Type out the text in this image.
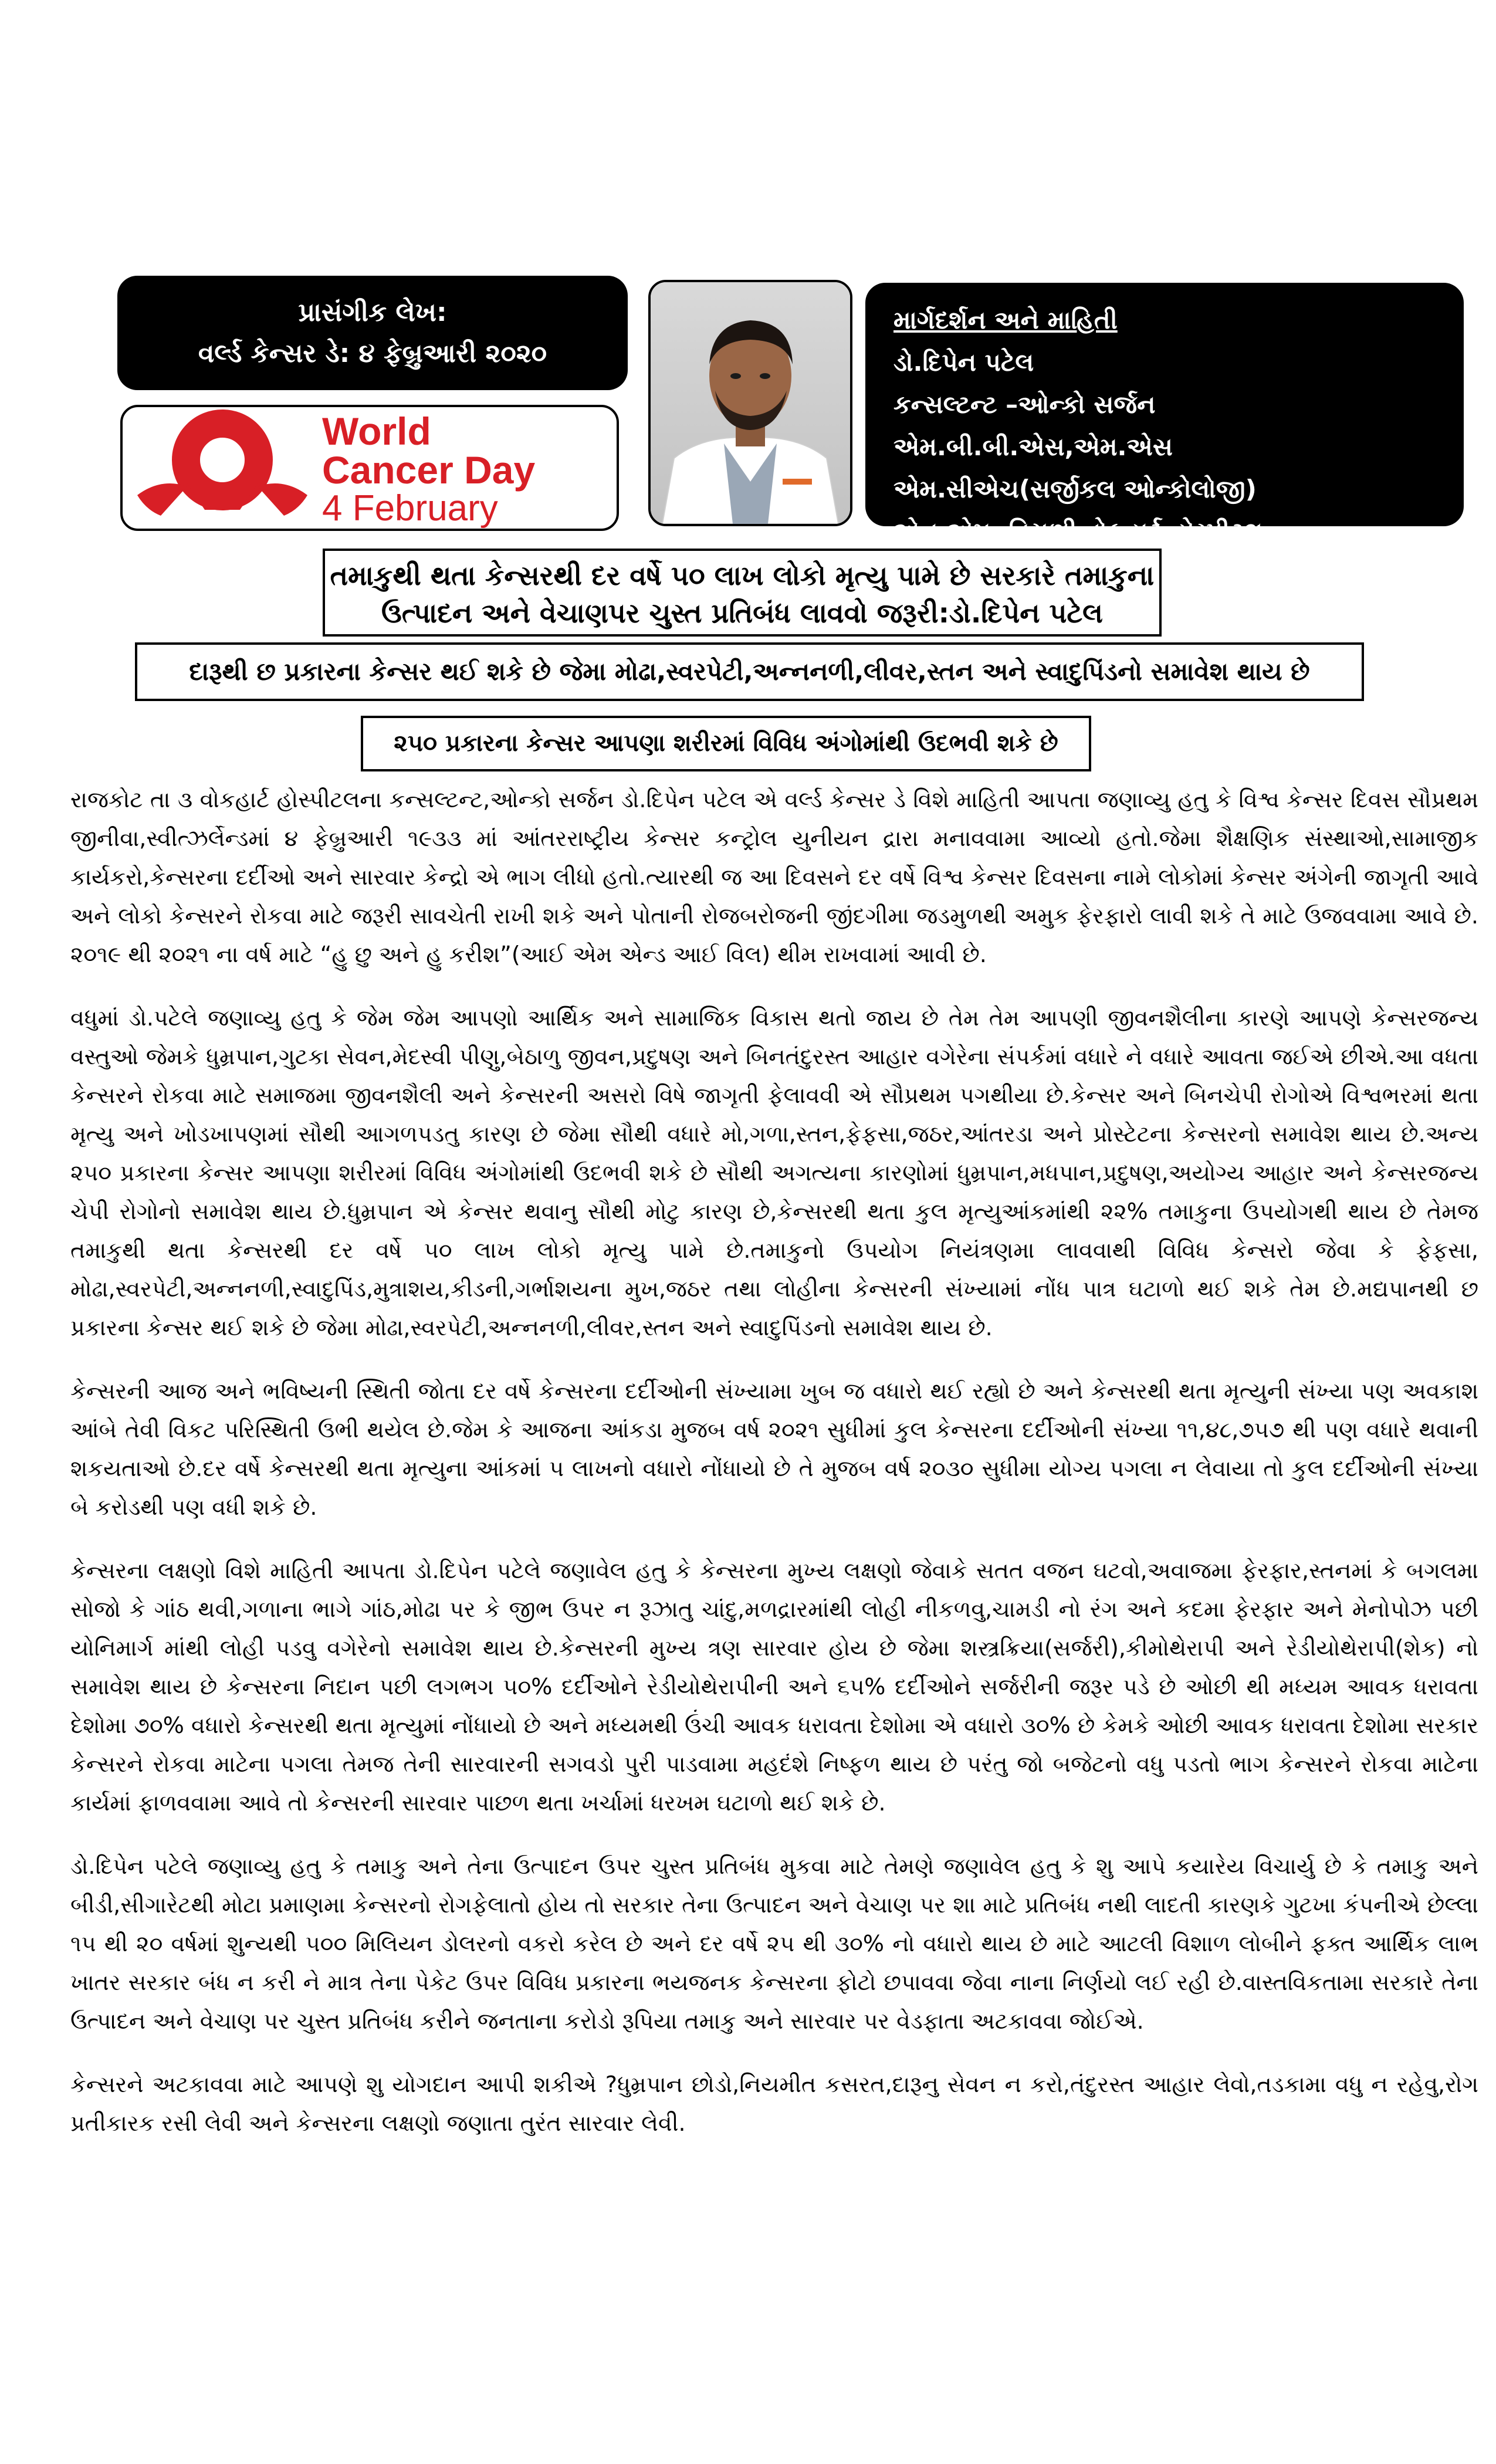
પ્રાસંગીક લેખ:
વર્લ્ડ કેન્સર ડે: ૪ ફેબ્રુઆરી ૨૦૨૦
World
Cancer Day
4 February
માર્ગદર્શન અને માહિતી
ડો.દિપેન પટેલ
કન્સલ્ટન્ટ –ઓન્કો સર્જન એમ.બી.બી.એસ,એમ.એસ
એમ.સીએચ(સર્જીકલ ઓન્કોલોજી)
એન.એમ. વિરાણી વોકહાર્ટ હોસ્પીટલ
તમાકુથી થતા કેન્સરથી દર વર્ષે ૫૦ લાખ લોકો મૃત્યુ પામે છે સરકારે તમાકુના
ઉત્પાદન અને વેચાણપર ચુસ્ત પ્રતિબંધ લાવવો જરૂરી:ડો.દિપેન પટેલ
દારૂથી છ પ્રકારના કેન્સર થઈ શકે છે જેમા મોઢા,સ્વરપેટી,અન્નનળી,લીવર,સ્તન અને સ્વાદુપિંડનો સમાવેશ થાય છે
૨૫૦ પ્રકારના કેન્સર આપણા શરીરમાં વિવિધ અંગોમાંથી ઉદભવી શકે છે

રાજકોટ તા ૩ વોકહાર્ટ હોસ્પીટલના કન્સલ્ટન્ટ,ઓન્કો સર્જન ડો.દિપેન પટેલ એ વર્લ્ડ કેન્સર ડે વિશે માહિતી આપતા જણાવ્યુ હતુ કે વિશ્વ કેન્સર દિવસ સૌપ્રથમ જીનીવા,સ્વીત્ઝર્લેન્ડમાં ૪ ફેબ્રુઆરી ૧૯૩૩ માં આંતરરાષ્ટ્રીય કેન્સર કન્ટ્રોલ યુનીયન દ્રારા મનાવવામા આવ્યો હતો.જેમા શૈક્ષણિક સંસ્થાઓ,સામાજીક કાર્યકરો,કેન્સરના દર્દીઓ અને સારવાર કેન્દ્રો એ ભાગ લીધો હતો.ત્યારથી જ આ દિવસને દર વર્ષે વિશ્વ કેન્સર દિવસના નામે લોકોમાં કેન્સર અંગેની જાગૃતી આવે અને લોકો કેન્સરને રોકવા માટે જરૂરી સાવચેતી રાખી શકે અને પોતાની રોજબરોજની જીંદગીમા જડમુળથી અમુક ફેરફારો લાવી શકે તે માટે ઉજવવામા આવે છે. ૨૦૧૯ થી ૨૦૨૧ ના વર્ષ માટે “હુ છુ અને હુ કરીશ”(આઈ એમ એન્ડ આઈ વિલ) થીમ રાખવામાં આવી છે.

વધુમાં ડો.પટેલે જણાવ્યુ હતુ કે જેમ જેમ આપણો આર્થિક અને સામાજિક વિકાસ થતો જાય છે તેમ તેમ આપણી જીવનશૈલીના કારણે આપણે કેન્સરજન્ય વસ્તુઓ જેમકે ધુમ્રપાન,ગુટકા સેવન,મેદસ્વી પીણુ,બેઠાળુ જીવન,પ્રદુષણ અને બિનતંદુરસ્ત આહાર વગેરેના સંપર્કમાં વધારે ને વધારે આવતા જઈએ છીએ.આ વધતા કેન્સરને રોકવા માટે સમાજમા જીવનશૈલી અને કેન્સરની અસરો વિષે જાગૃતી ફેલાવવી એ સૌપ્રથમ પગથીયા છે.કેન્સર અને બિનચેપી રોગોએ વિશ્વભરમાં થતા મૃત્યુ અને ખોડખાપણમાં સૌથી આગળપડતુ કારણ છે જેમા સૌથી વધારે મો,ગળા,સ્તન,ફેફસા,જઠર,આંતરડા અને પ્રોસ્ટેટના કેન્સરનો સમાવેશ થાય છે.અન્ય ૨૫૦ પ્રકારના કેન્સર આપણા શરીરમાં વિવિધ અંગોમાંથી ઉદભવી શકે છે સૌથી અગત્યના કારણોમાં ધુમ્રપાન,મધપાન,પ્રદુષણ,અયોગ્ય આહાર અને કેન્સરજન્ય ચેપી રોગોનો સમાવેશ થાય છે.ધુમ્રપાન એ કેન્સર થવાનુ સૌથી મોટુ કારણ છે,કેન્સરથી થતા કુલ મૃત્યુઆંકમાંથી ૨૨% તમાકુના ઉપયોગથી થાય છે તેમજ તમાકુથી થતા કેન્સરથી દર વર્ષે ૫૦ લાખ લોકો મૃત્યુ પામે છે.તમાકુનો ઉપયોગ નિયંત્રણમા લાવવાથી વિવિધ કેન્સરો જેવા કે ફેફસા, મોઢા,સ્વરપેટી,અન્નનળી,સ્વાદુપિંડ,મુત્રાશય,કીડની,ગર્ભાશયના મુખ,જઠર તથા લોહીના કેન્સરની સંખ્યામાં નોંધ પાત્ર ઘટાળો થઈ શકે તેમ છે.મદ્યપાનથી છ પ્રકારના કેન્સર થઈ શકે છે જેમા મોઢા,સ્વરપેટી,અન્નનળી,લીવર,સ્તન અને સ્વાદુપિંડનો સમાવેશ થાય છે.

કેન્સરની આજ અને ભવિષ્યની સ્થિતી જોતા દર વર્ષે કેન્સરના દર્દીઓની સંખ્યામા ખુબ જ વધારો થઈ રહ્યો છે અને કેન્સરથી થતા મૃત્યુની સંખ્યા પણ અવકાશ આંબે તેવી વિકટ પરિસ્થિતી ઉભી થયેલ છે.જેમ કે આજના આંકડા મુજબ વર્ષ ૨૦૨૧ સુધીમાં કુલ કેન્સરના દર્દીઓની સંખ્યા ૧૧,૪૮,૭૫૭ થી પણ વધારે થવાની શકયતાઓ છે.દર વર્ષે કેન્સરથી થતા મૃત્યુના આંકમાં ૫ લાખનો વધારો નોંધાયો છે તે મુજબ વર્ષ ૨૦૩૦ સુધીમા યોગ્ય પગલા ન લેવાયા તો કુલ દર્દીઓની સંખ્યા બે કરોડથી પણ વધી શકે છે.

કેન્સરના લક્ષણો વિશે માહિતી આપતા ડો.દિપેન પટેલે જણાવેલ હતુ કે કેન્સરના મુખ્ય લક્ષણો જેવાકે સતત વજન ઘટવો,અવાજમા ફેરફાર,સ્તનમાં કે બગલમા સોજો કે ગાંઠ થવી,ગળાના ભાગે ગાંઠ,મોઢા પર કે જીભ ઉપર ન રૂઝાતુ ચાંદુ,મળદ્રારમાંથી લોહી નીકળવુ,ચામડી નો રંગ અને કદમા ફેરફાર અને મેનોપોઝ પછી યોનિમાર્ગ માંથી લોહી પડવુ વગેરેનો સમાવેશ થાય છે.કેન્સરની મુખ્ય ત્રણ સારવાર હોય છે જેમા શસ્ત્રક્રિયા(સર્જરી),કીમોથેરાપી અને રેડીયોથેરાપી(શેક) નો સમાવેશ થાય છે કેન્સરના નિદાન પછી લગભગ ૫૦% દર્દીઓને રેડીયોથેરાપીની અને ૬૫% દર્દીઓને સર્જરીની જરૂર પડે છે ઓછી થી મધ્યમ આવક ધરાવતા દેશોમા ૭૦% વધારો કેન્સરથી થતા મૃત્યુમાં નોંધાયો છે અને મધ્યમથી ઉંચી આવક ધરાવતા દેશોમા એ વધારો ૩૦% છે કેમકે ઓછી આવક ધરાવતા દેશોમા સરકાર કેન્સરને રોકવા માટેના પગલા તેમજ તેની સારવારની સગવડો પુરી પાડવામા મહદંશે નિષ્ફળ થાય છે પરંતુ જો બજેટનો વધુ પડતો ભાગ કેન્સરને રોકવા માટેના કાર્યમાં ફાળવવામા આવે તો કેન્સરની સારવાર પાછળ થતા ખર્ચામાં ધરખમ ઘટાળો થઈ શકે છે.

ડો.દિપેન પટેલે જણાવ્યુ હતુ કે તમાકુ અને તેના ઉત્પાદન ઉપર ચુસ્ત પ્રતિબંધ મુકવા માટે તેમણે જણાવેલ હતુ કે શુ આપે કયારેય વિચાર્યુ છે કે તમાકુ અને બીડી,સીગારેટથી મોટા પ્રમાણમા કેન્સરનો રોગફેલાતો હોય તો સરકાર તેના ઉત્પાદન અને વેચાણ પર શા માટે પ્રતિબંધ નથી લાદતી કારણકે ગુટખા કંપનીએ છેલ્લા ૧૫ થી ૨૦ વર્ષમાં શુન્યથી ૫૦૦ મિલિયન ડોલરનો વકરો કરેલ છે અને દર વર્ષે ૨૫ થી ૩૦% નો વધારો થાય છે માટે આટલી વિશાળ લોબીને ફક્ત આર્થિક લાભ ખાતર સરકાર બંધ ન કરી ને માત્ર તેના પેકેટ ઉપર વિવિધ પ્રકારના ભયજનક કેન્સરના ફોટો છપાવવા જેવા નાના નિર્ણયો લઈ રહી છે.વાસ્તવિકતામા સરકારે તેના ઉત્પાદન અને વેચાણ પર ચુસ્ત પ્રતિબંધ કરીને જનતાના કરોડો રૂપિયા તમાકુ અને સારવાર પર વેડફાતા અટકાવવા જોઈએ.

કેન્સરને અટકાવવા માટે આપણે શુ યોગદાન આપી શકીએ ?ધુમ્રપાન છોડો,નિયમીત કસરત,દારૂનુ સેવન ન કરો,તંદુરસ્ત આહાર લેવો,તડકામા વધુ ન રહેવુ,રોગ પ્રતીકારક રસી લેવી અને કેન્સરના લક્ષણો જણાતા તુરંત સારવાર લેવી.
